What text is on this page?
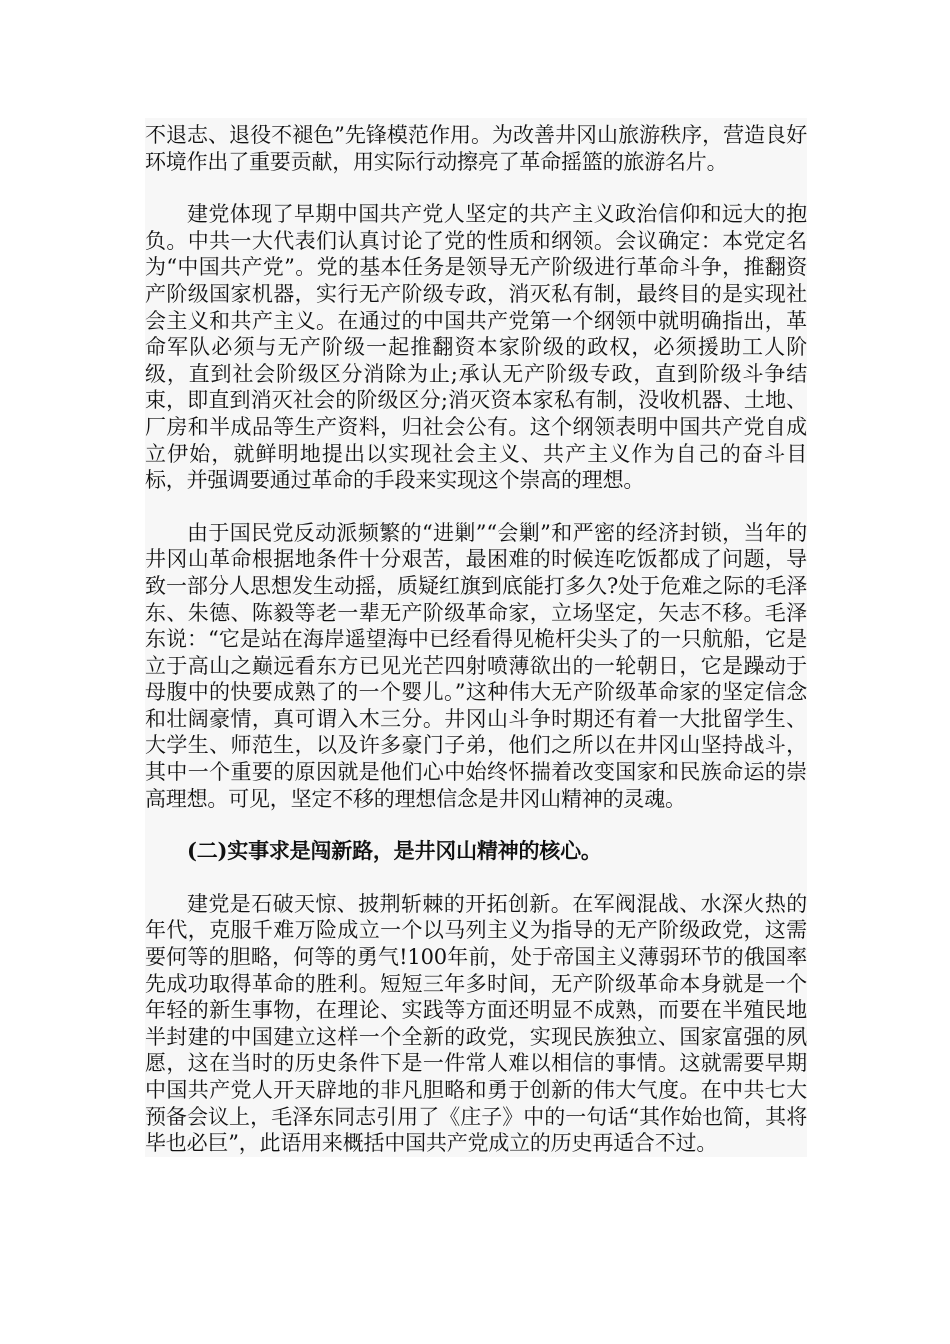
不退志、退役不褪色”先锋模范作用。为改善井冈山旅游秩序，营造良好环境作出了重要贡献，用实际行动擦亮了革命摇篮的旅游名片。

建党体现了早期中国共产党人坚定的共产主义政治信仰和远大的抱负。中共一大代表们认真讨论了党的性质和纲领。会议确定：本党定名为“中国共产党”。党的基本任务是领导无产阶级进行革命斗争，推翻资产阶级国家机器，实行无产阶级专政，消灭私有制，最终目的是实现社会主义和共产主义。在通过的中国共产党第一个纲领中就明确指出，革命军队必须与无产阶级一起推翻资本家阶级的政权，必须援助工人阶级，直到社会阶级区分消除为止;承认无产阶级专政，直到阶级斗争结束，即直到消灭社会的阶级区分;消灭资本家私有制，没收机器、土地、厂房和半成品等生产资料，归社会公有。这个纲领表明中国共产党自成立伊始，就鲜明地提出以实现社会主义、共产主义作为自己的奋斗目标，并强调要通过革命的手段来实现这个崇高的理想。

由于国民党反动派频繁的“进剿”“会剿”和严密的经济封锁，当年的井冈山革命根据地条件十分艰苦，最困难的时候连吃饭都成了问题，导致一部分人思想发生动摇，质疑红旗到底能打多久?处于危难之际的毛泽东、朱德、陈毅等老一辈无产阶级革命家，立场坚定，矢志不移。毛泽东说：“它是站在海岸遥望海中已经看得见桅杆尖头了的一只航船，它是立于高山之巅远看东方已见光芒四射喷薄欲出的一轮朝日，它是躁动于母腹中的快要成熟了的一个婴儿。”这种伟大无产阶级革命家的坚定信念和壮阔豪情，真可谓入木三分。井冈山斗争时期还有着一大批留学生、大学生、师范生，以及许多豪门子弟，他们之所以在井冈山坚持战斗，其中一个重要的原因就是他们心中始终怀揣着改变国家和民族命运的崇高理想。可见，坚定不移的理想信念是井冈山精神的灵魂。

(二)实事求是闯新路，是井冈山精神的核心。

建党是石破天惊、披荆斩棘的开拓创新。在军阀混战、水深火热的年代，克服千难万险成立一个以马列主义为指导的无产阶级政党，这需要何等的胆略，何等的勇气!100年前，处于帝国主义薄弱环节的俄国率先成功取得革命的胜利。短短三年多时间，无产阶级革命本身就是一个年轻的新生事物，在理论、实践等方面还明显不成熟，而要在半殖民地半封建的中国建立这样一个全新的政党，实现民族独立、国家富强的夙愿，这在当时的历史条件下是一件常人难以相信的事情。这就需要早期中国共产党人开天辟地的非凡胆略和勇于创新的伟大气度。在中共七大预备会议上，毛泽东同志引用了《庄子》中的一句话“其作始也简，其将毕也必巨”，此语用来概括中国共产党成立的历史再适合不过。
